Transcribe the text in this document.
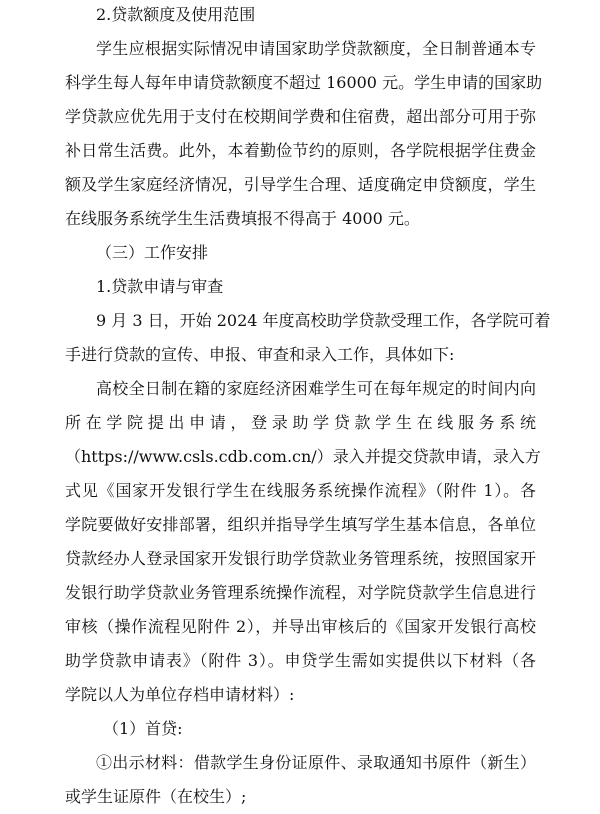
2.贷款额度及使用范围
学生应根据实际情况申请国家助学贷款额度，全日制普通本专
科学生每人每年申请贷款额度不超过 16000 元。学生申请的国家助
学贷款应优先用于支付在校期间学费和住宿费，超出部分可用于弥
补日常生活费。此外，本着勤俭节约的原则，各学院根据学住费金
额及学生家庭经济情况，引导学生合理、适度确定申贷额度，学生
在线服务系统学生生活费填报不得高于 4000 元。
（三）工作安排
1.贷款申请与审查
9 月 3 日，开始 2024 年度高校助学贷款受理工作，各学院可着
手进行贷款的宣传、申报、审查和录入工作，具体如下:
高校全日制在籍的家庭经济困难学生可在每年规定的时间内向
所在学院提出申请，登录助学贷款学生在线服务系统
（https://www.csls.cdb.com.cn/）录入并提交贷款申请，录入方
式见《国家开发银行学生在线服务系统操作流程》（附件 1）。各
学院要做好安排部署，组织并指导学生填写学生基本信息，各单位
贷款经办人登录国家开发银行助学贷款业务管理系统，按照国家开
发银行助学贷款业务管理系统操作流程，对学院贷款学生信息进行
审核（操作流程见附件 2），并导出审核后的《国家开发银行高校
助学贷款申请表》（附件 3）。申贷学生需如实提供以下材料（各
学院以人为单位存档申请材料）:
（1）首贷:
①出示材料：借款学生身份证原件、录取通知书原件（新生）
或学生证原件（在校生）;
